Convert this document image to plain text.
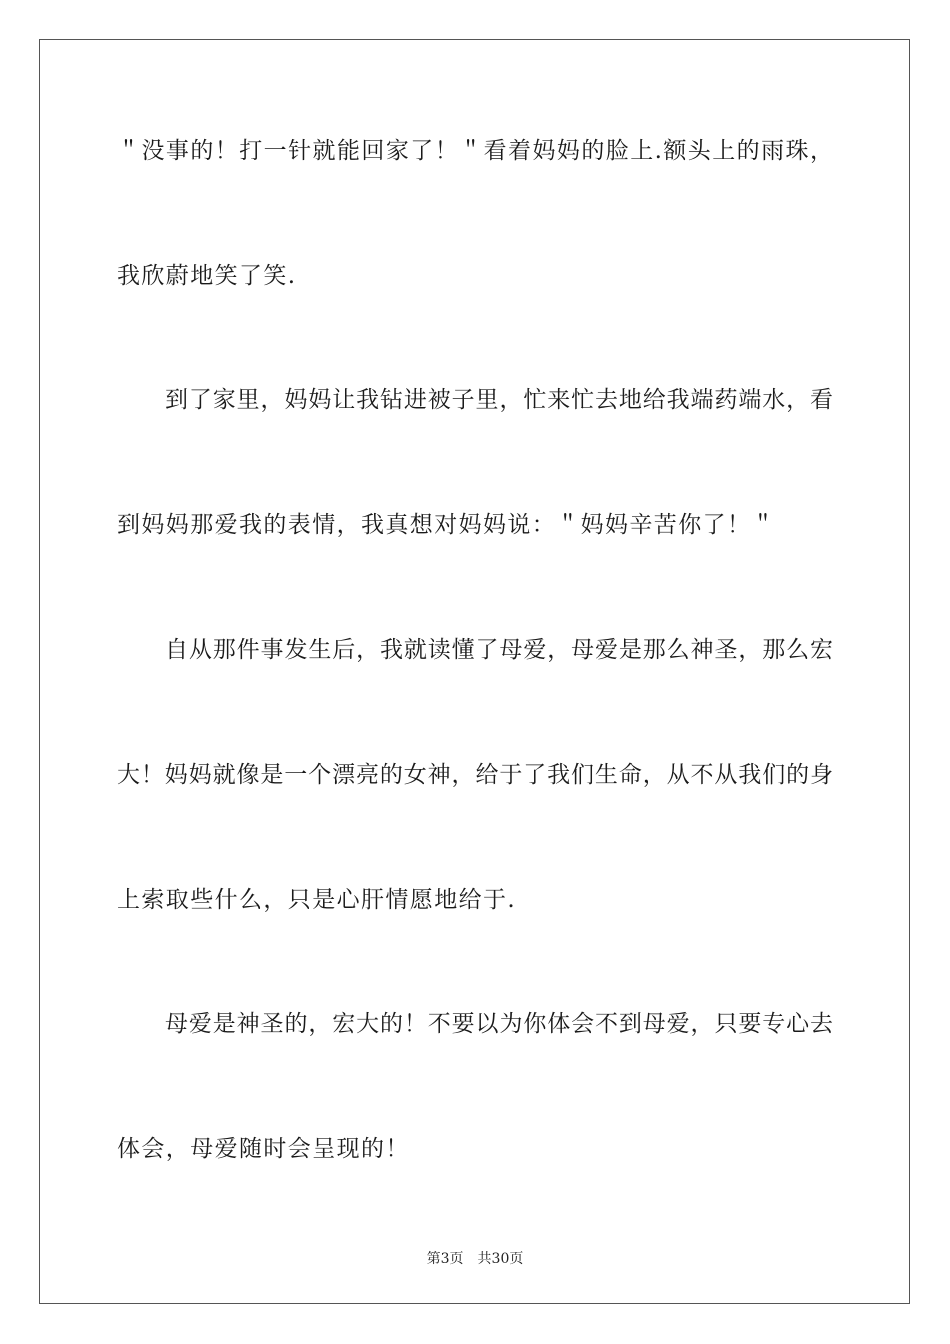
＂没事的！打一针就能回家了！＂看着妈妈的脸上.额头上的雨珠，

我欣蔚地笑了笑.

到了家里，妈妈让我钻进被子里，忙来忙去地给我端药端水，看

到妈妈那爱我的表情，我真想对妈妈说：＂妈妈辛苦你了！＂

自从那件事发生后，我就读懂了母爱，母爱是那么神圣，那么宏

大！妈妈就像是一个漂亮的女神，给于了我们生命，从不从我们的身

上索取些什么，只是心肝情愿地给于.

母爱是神圣的，宏大的！不要以为你体会不到母爱，只要专心去

体会，母爱随时会呈现的！

第3页　共30页
